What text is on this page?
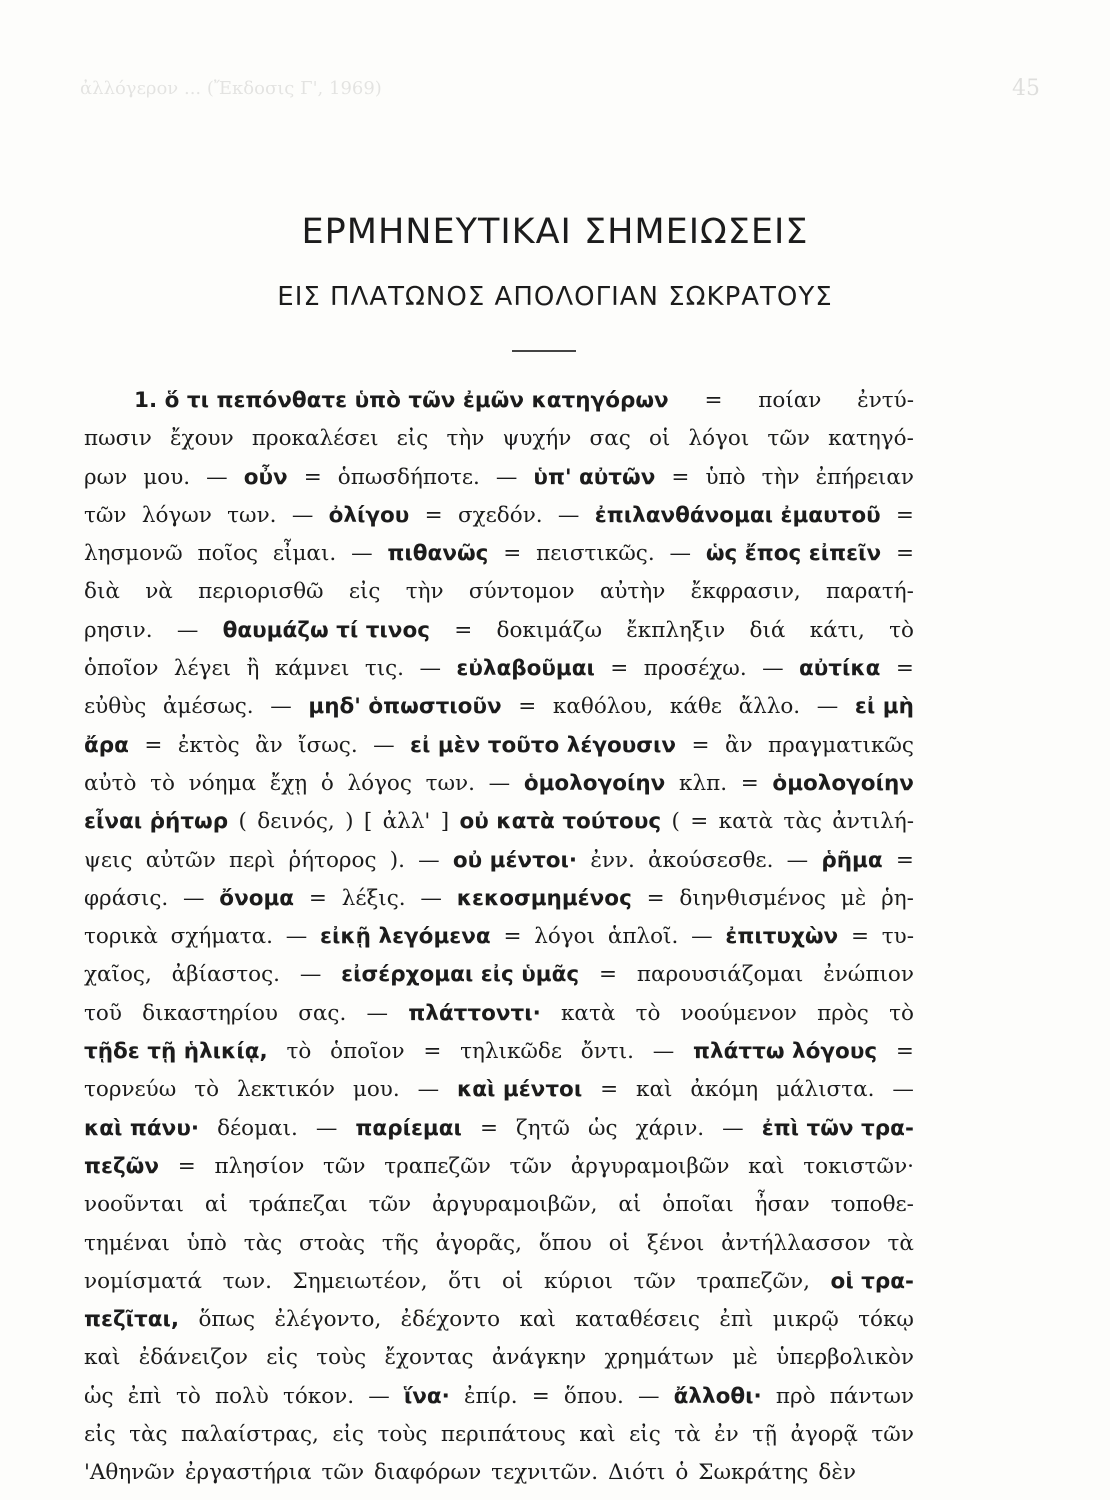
ἀλλόγερον ... (Ἔκδοσις Γ', 1969)	45
ΕΡΜΗΝΕΥΤΙΚΑΙ ΣΗΜΕΙΩΣΕΙΣ
ΕΙΣ ΠΛΑΤΩΝΟΣ ΑΠΟΛΟΓΙΑΝ ΣΩΚΡΑΤΟΥΣ
1. ὅ τι πεπόνθατε ὑπὸ τῶν ἐμῶν κατηγόρων = ποίαν ἐντύ-
πωσιν ἔχουν προκαλέσει εἰς τὴν ψυχήν σας οἱ λόγοι τῶν κατηγό-
ρων μου. — οὖν = ὁπωσδήποτε. — ὑπ' αὐτῶν = ὑπὸ τὴν ἐπήρειαν
τῶν λόγων των. — ὀλίγου = σχεδόν. — ἐπιλανθάνομαι ἐμαυτοῦ =
λησμονῶ ποῖος εἶμαι. — πιθανῶς = πειστικῶς. — ὡς ἔπος εἰπεῖν =
διὰ νὰ περιορισθῶ εἰς τὴν σύντομον αὐτὴν ἔκφρασιν, παρατή-
ρησιν. — θαυμάζω τί τινος = δοκιμάζω ἔκπληξιν διά κάτι, τὸ
ὁποῖον λέγει ἢ κάμνει τις. — εὐλαβοῦμαι = προσέχω. — αὐτίκα =
εὐθὺς ἀμέσως. — μηδ' ὁπωστιοῦν = καθόλου, κάθε ἄλλο. — εἰ μὴ
ἄρα = ἐκτὸς ἂν ἴσως. — εἰ μὲν τοῦτο λέγουσιν = ἂν πραγματικῶς
αὐτὸ τὸ νόημα ἔχῃ ὁ λόγος των. — ὁμολογοίην κλπ. = ὁμολογοίην
εἶναι ῥήτωρ ( δεινός, ) [ ἀλλ' ] οὐ κατὰ τούτους ( = κατὰ τὰς ἀντιλή-
ψεις αὐτῶν περὶ ῥήτορος ). — οὐ μέντοι· ἐνν. ἀκούσεσθε. — ῥῆμα =
φράσις. — ὄνομα = λέξις. — κεκοσμημένος = διηνθισμένος μὲ ῥη-
τορικὰ σχήματα. — εἰκῇ λεγόμενα = λόγοι ἁπλοῖ. — ἐπιτυχὼν = τυ-
χαῖος, ἀβίαστος. — εἰσέρχομαι εἰς ὑμᾶς = παρουσιάζομαι ἐνώπιον
τοῦ δικαστηρίου σας. — πλάττοντι· κατὰ τὸ νοούμενον πρὸς τὸ
τῇδε τῇ ἡλικίᾳ, τὸ ὁποῖον = τηλικῶδε ὄντι. — πλάττω λόγους =
τορνεύω τὸ λεκτικόν μου. — καὶ μέντοι = καὶ ἀκόμη μάλιστα. —
καὶ πάνυ· δέομαι. — παρίεμαι = ζητῶ ὡς χάριν. — ἐπὶ τῶν τρα-
πεζῶν = πλησίον τῶν τραπεζῶν τῶν ἀργυραμοιβῶν καὶ τοκιστῶν·
νοοῦνται αἱ τράπεζαι τῶν ἀργυραμοιβῶν, αἱ ὁποῖαι ἦσαν τοποθε-
τημέναι ὑπὸ τὰς στοὰς τῆς ἀγορᾶς, ὅπου οἱ ξένοι ἀντήλλασσον τὰ
νομίσματά των. Σημειωτέον, ὅτι οἱ κύριοι τῶν τραπεζῶν, οἱ τρα-
πεζῖται, ὅπως ἐλέγοντο, ἐδέχοντο καὶ καταθέσεις ἐπὶ μικρῷ τόκῳ
καὶ ἐδάνειζον εἰς τοὺς ἔχοντας ἀνάγκην χρημάτων μὲ ὑπερβολικὸν
ὡς ἐπὶ τὸ πολὺ τόκον. — ἵνα· ἐπίρ. = ὅπου. — ἄλλοθι· πρὸ πάντων
εἰς τὰς παλαίστρας, εἰς τοὺς περιπάτους καὶ εἰς τὰ ἐν τῇ ἀγορᾷ τῶν
'Αθηνῶν ἐργαστήρια τῶν διαφόρων τεχνιτῶν. Διότι ὁ Σωκράτης δὲν
